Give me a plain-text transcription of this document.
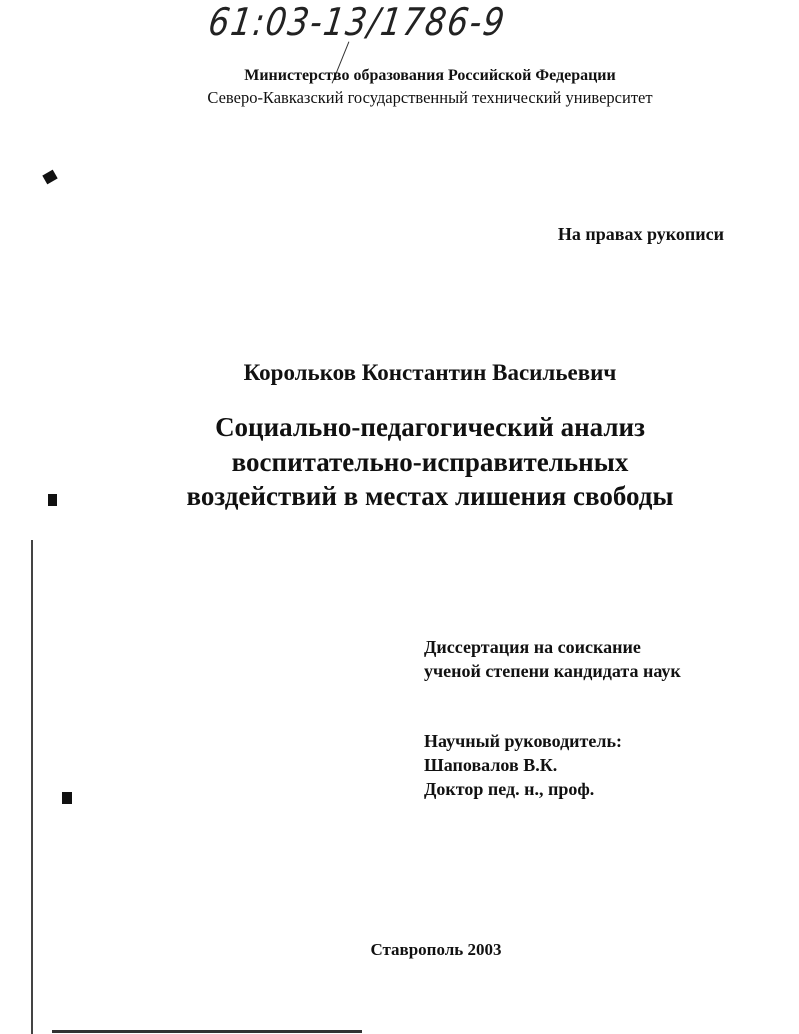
61:03-13/1786-9
Министерство образования Российской Федерации
Северо-Кавказский государственный технический университет
На правах рукописи
Корольков Константин Васильевич
Социально-педагогический анализ
воспитательно-исправительных
воздействий в местах лишения свободы
Диссертация на соискание
ученой степени кандидата наук
Научный руководитель:
Шаповалов В.К.
Доктор пед. н., проф.
Ставрополь 2003
